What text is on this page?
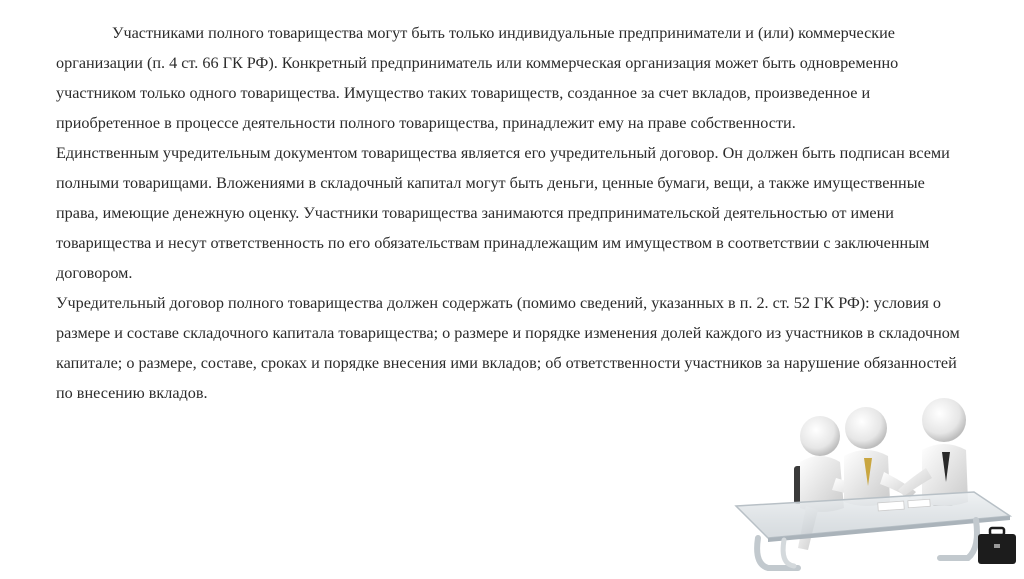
Участниками полного товарищества могут быть только индивидуальные предприниматели и (или) коммерческие организации (п. 4 ст. 66 ГК РФ). Конкретный предприниматель или коммерческая организация может быть одновременно участником только одного товарищества. Имущество таких товариществ, созданное за счет вкладов, произведенное и приобретенное в процессе деятельности полного товарищества, принадлежит ему на праве собственности.

Единственным учредительным документом товарищества является его учредительный договор. Он должен быть подписан всеми полными товарищами. Вложениями в складочный капитал могут быть деньги, ценные бумаги, вещи, а также имущественные права, имеющие денежную оценку. Участники товарищества занимаются предпринимательской деятельностью от имени товарищества и несут ответственность по его обязательствам принадлежащим им имуществом в соответствии с заключенным договором.

Учредительный договор полного товарищества должен содержать (помимо сведений, указанных в п. 2. ст. 52 ГК РФ): условия о размере и составе складочного капитала товарищества; о размере и порядке изменения долей каждого из участников в складочном капитале; о размере, составе, сроках и порядке внесения ими вкладов; об ответственности участников за нарушение обязанностей по внесению вкладов.
